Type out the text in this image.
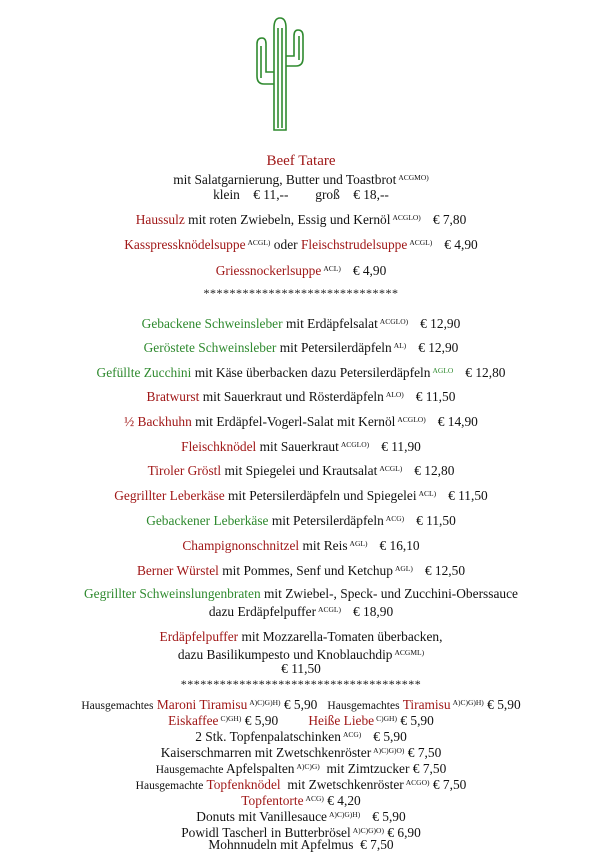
Beef Tatare
mit Salatgarnierung, Butter und Toastbrot $^{ACGMO)}$
klein € 11,-- groß € 18,--
Haussulz mit roten Zwiebeln, Essig und Kernöl $^{ACGLO)}$ € 7,80
Kasspressknödelsuppe $^{ACGL)}$ oder Fleischstrudelsuppe $^{ACGL)}$ € 4,90
Griessnockerlsuppe $^{ACL)}$ € 4,90
******************************
Gebackene Schweinsleber mit Erdäpfelsalat $^{ACGLO)}$ € 12,90
Geröstete Schweinsleber mit Petersilerdäpfeln $^{AL)}$ € 12,90
Gefüllte Zucchini mit Käse überbacken dazu Petersilerdäpfeln $^{AGLO}$ € 12,80
Bratwurst mit Sauerkraut und Rösterdäpfeln $^{ALO)}$ € 11,50
½ Backhuhn mit Erdäpfel-Vogerl-Salat mit Kernöl $^{ACGLO)}$ € 14,90
Fleischknödel mit Sauerkraut $^{ACGLO)}$ € 11,90
Tiroler Gröstl mit Spiegelei und Krautsalat $^{ACGL)}$ € 12,80
Gegrillter Leberkäse mit Petersilerdäpfeln und Spiegelei $^{ACL)}$ € 11,50
Gebackener Leberkäse mit Petersilerdäpfeln $^{ACG)}$ € 11,50
Champignonschnitzel mit Reis $^{AGL)}$ € 16,10
Berner Würstel mit Pommes, Senf und Ketchup $^{AGL)}$ € 12,50
Gegrillter Schweinslungenbraten mit Zwiebel-, Speck- und Zucchini-Oberssauce
dazu Erdäpfelpuffer $^{ACGL)}$ € 18,90
Erdäpfelpuffer mit Mozzarella-Tomaten überbacken,
dazu Basilikumpesto und Knoblauchdip $^{ACGML)}$
€ 11,50
*************************************
Hausgemachtes Maroni Tiramisu $^{A)C)G)H)}$ € 5,90 Hausgemachtes Tiramisu $^{A)C)G)H)}$ € 5,90
Eiskaffee $^{C)GH)}$ € 5,90 Heiße Liebe $^{C)GH)}$ € 5,90
2 Stk. Topfenpalatschinken $^{ACG)}$ € 5,90
Kaiserschmarren mit Zwetschkenröster $^{A)C)G)O)}$ € 7,50
Hausgemachte Apfelspalten $^{A)C)G)}$ mit Zimtzucker € 7,50
Hausgemachte Topfenknödel mit Zwetschkenröster $^{ACGO)}$ € 7,50
Topfentorte $^{ACG)}$ € 4,20
Donuts mit Vanillesauce $^{A)C)G)H)}$ € 5,90
Powidl Tascherl in Butterbrösel $^{A)C)G)O)}$ € 6,90
Mohnnudeln mit Apfelmus € 7,50
